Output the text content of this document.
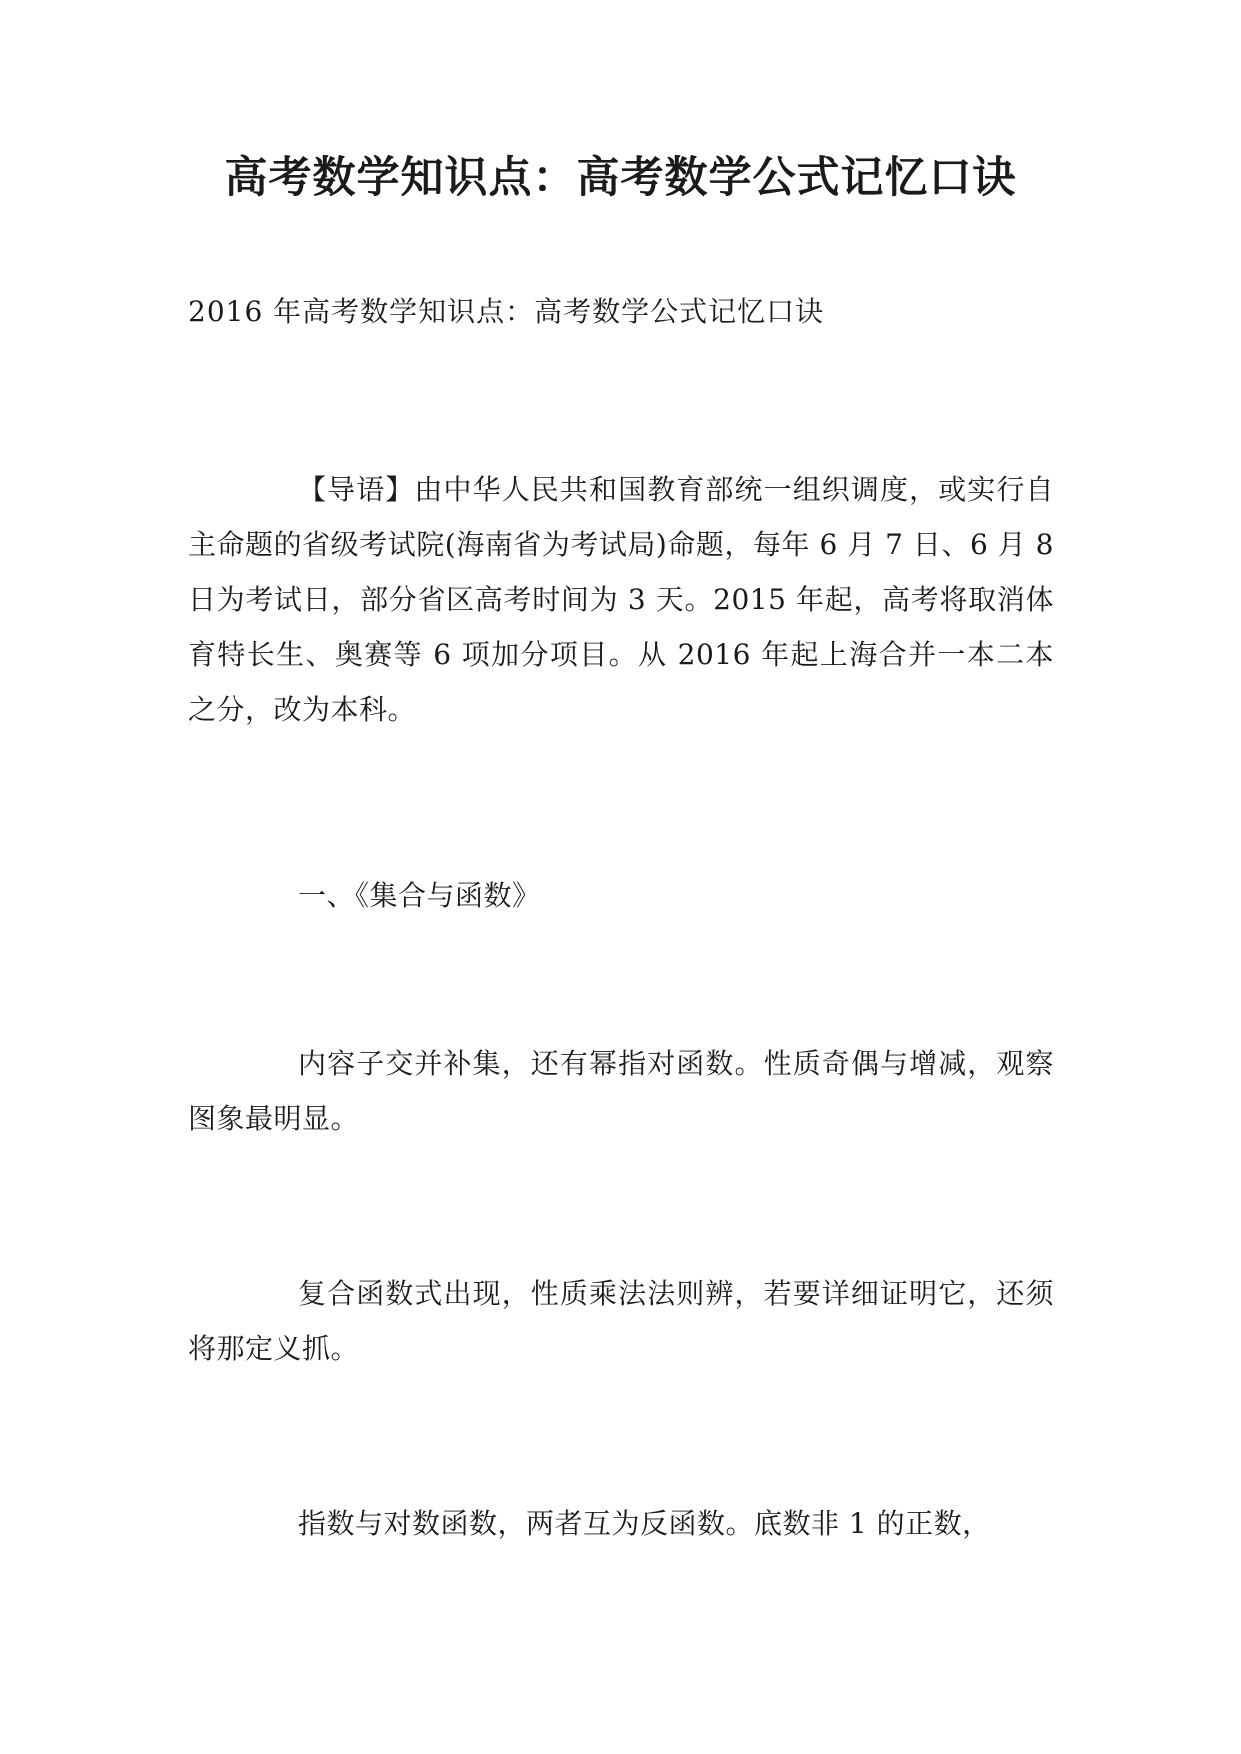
高考数学知识点：高考数学公式记忆口诀

2016 年高考数学知识点：高考数学公式记忆口诀

【导语】由中华人民共和国教育部统一组织调度，或实行自主命题的省级考试院(海南省为考试局)命题，每年 6 月 7 日、6 月 8 日为考试日，部分省区高考时间为 3 天。2015 年起，高考将取消体育特长生、奥赛等 6 项加分项目。从 2016 年起上海合并一本二本之分，改为本科。

一、《集合与函数》

内容子交并补集，还有幂指对函数。性质奇偶与增减，观察图象最明显。

复合函数式出现，性质乘法法则辨，若要详细证明它，还须将那定义抓。

指数与对数函数，两者互为反函数。底数非 1 的正数，
